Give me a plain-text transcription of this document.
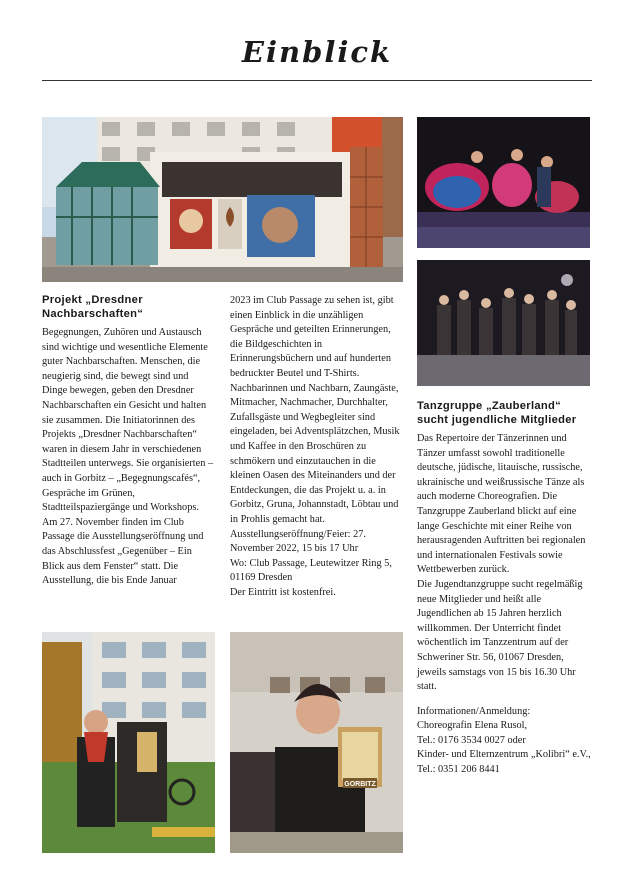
Einblick
GORBITZ
Projekt „Dresdner Nachbarschaften“

Begegnungen, Zuhören und Austausch sind wichtige und wesentliche Elemente guter Nachbarschaften. Menschen, die neugierig sind, die bewegt sind und Dinge bewegen, geben den Dresdner Nachbarschaften ein Gesicht und halten sie zusammen. Die Initiatorinnen des Projekts „Dresdner Nachbarschaften“ waren in diesem Jahr in verschiedenen Stadtteilen unterwegs. Sie organisierten – auch in Gorbitz – „Begegnungscafés“, Gespräche im Grünen, Stadtteilspaziergänge und Workshops.

Am 27. November finden im Club Passage die Ausstellungseröffnung und das Abschlussfest „Gegenüber – Ein Blick aus dem Fenster“ statt. Die Ausstellung, die bis Ende Januar

2023 im Club Passage zu sehen ist, gibt einen Einblick in die unzähligen Gespräche und geteilten Erinnerungen, die Bildgeschichten in Erinnerungsbüchern und auf hunderten bedruckter Beutel und T-Shirts. Nachbarinnen und Nachbarn, Zaungäste, Mitmacher, Nachmacher, Durchhalter, Zufallsgäste und Wegbegleiter sind eingeladen, bei Adventsplätzchen, Musik und Kaffee in den Broschüren zu schmökern und einzutauchen in die kleinen Oasen des Miteinanders und der Entdeckungen, die das Projekt u. a. in Gorbitz, Gruna, Johannstadt, Löbtau und in Prohlis gemacht hat.

Ausstellungseröffnung/Feier: 27. November 2022, 15 bis 17 Uhr

Wo: Club Passage, Leutewitzer Ring 5, 01169 Dresden

Der Eintritt ist kostenfrei.

Tanzgruppe „Zauberland“ sucht jugendliche Mitglieder

Das Repertoire der Tänzerinnen und Tänzer umfasst sowohl traditionelle deutsche, jüdische, litauische, russische, ukrainische und weißrussische Tänze als auch moderne Choreografien. Die Tanzgruppe Zauberland blickt auf eine lange Geschichte mit einer Reihe von herausragenden Auftritten bei regionalen und internationalen Festivals sowie Wettbewerben zurück.

Die Jugendtanzgruppe sucht regelmäßig neue Mitglieder und heißt alle Jugendlichen ab 15 Jahren herzlich willkommen. Der Unterricht findet wöchentlich im Tanzzentrum auf der Schweriner Str. 56, 01067 Dresden, jeweils samstags von 15 bis 16.30 Uhr statt.

Informationen/Anmeldung:

Choreografin Elena Rusol,

Tel.: 0176 3534 0027 oder

Kinder- und Elternzentrum „Kolibri“ e.V., Tel.: 0351 206 8441
